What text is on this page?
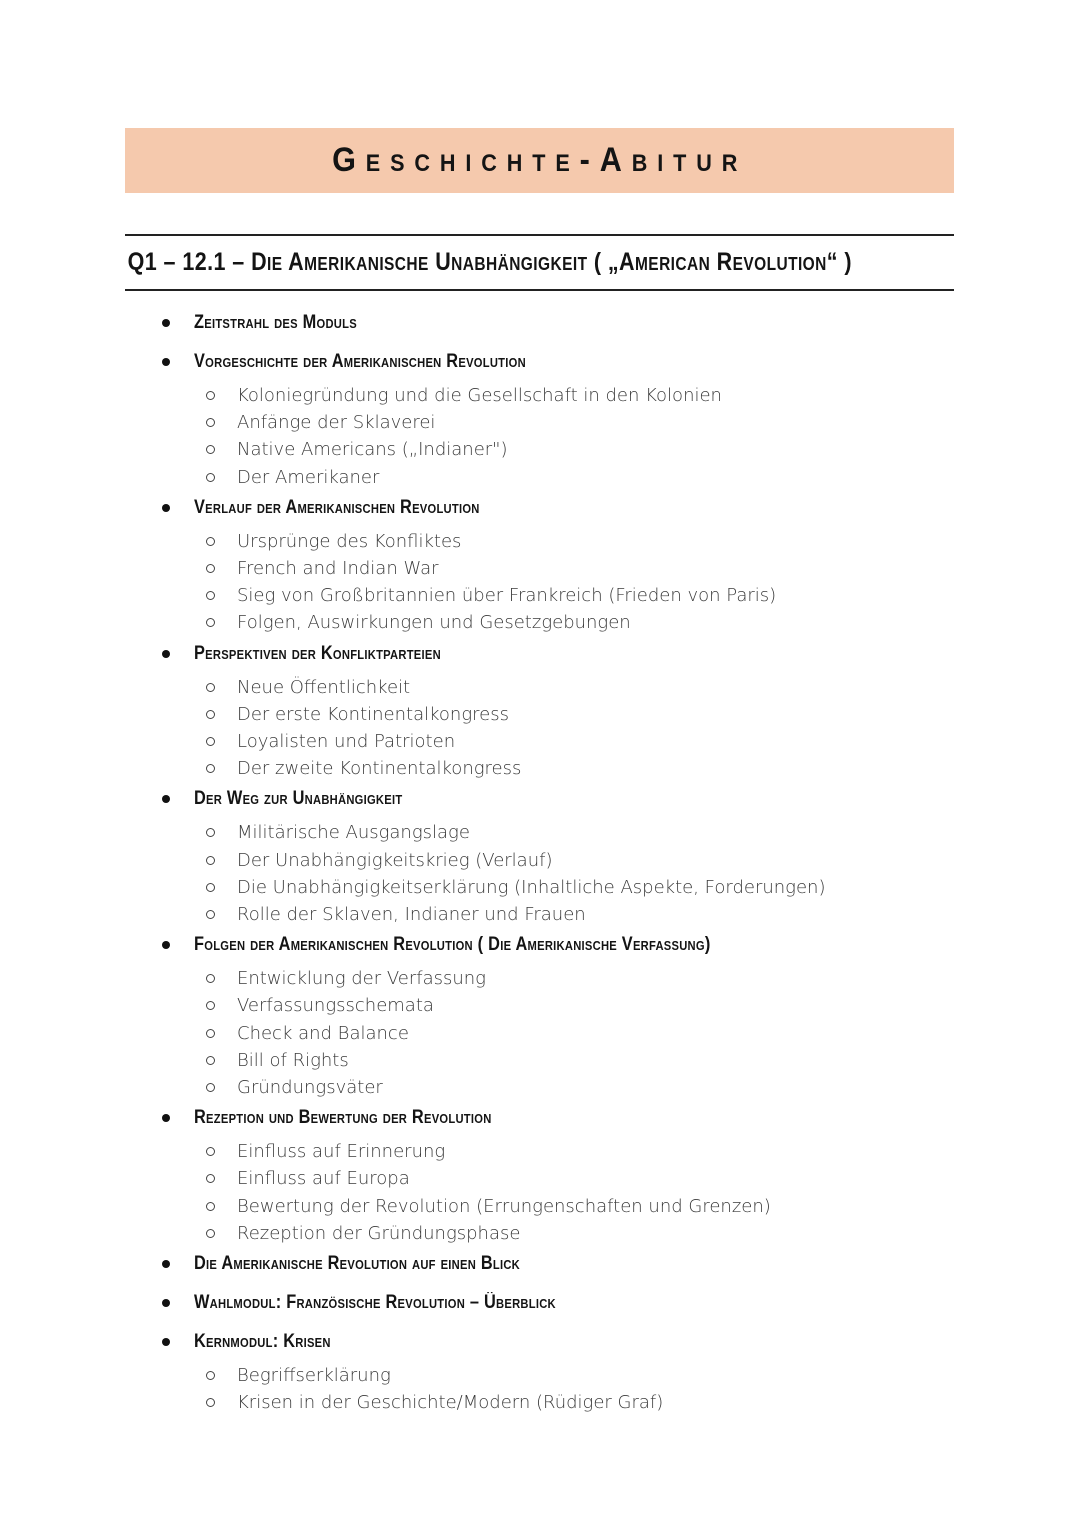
Geschichte-Abitur
Q1 – 12.1 – Die Amerikanische Unabhängigkeit ( „American Revolution“ )
Zeitstrahl des Moduls
Vorgeschichte der Amerikanischen Revolution
Koloniegründung und die Gesellschaft in den Kolonien
Anfänge der Sklaverei
Native Americans („Indianer")
Der Amerikaner
Verlauf der Amerikanischen Revolution
Ursprünge des Konfliktes
French and Indian War
Sieg von Großbritannien über Frankreich (Frieden von Paris)
Folgen, Auswirkungen und Gesetzgebungen
Perspektiven der Konfliktparteien
Neue Öffentlichkeit
Der erste Kontinentalkongress
Loyalisten und Patrioten
Der zweite Kontinentalkongress
Der Weg zur Unabhängigkeit
Militärische Ausgangslage
Der Unabhängigkeitskrieg (Verlauf)
Die Unabhängigkeitserklärung (Inhaltliche Aspekte, Forderungen)
Rolle der Sklaven, Indianer und Frauen
Folgen der Amerikanischen Revolution ( Die Amerikanische Verfassung)
Entwicklung der Verfassung
Verfassungsschemata
Check and Balance
Bill of Rights
Gründungsväter
Rezeption und Bewertung der Revolution
Einfluss auf Erinnerung
Einfluss auf Europa
Bewertung der Revolution (Errungenschaften und Grenzen)
Rezeption der Gründungsphase
Die Amerikanische Revolution auf einen Blick
Wahlmodul: Französische Revolution – Überblick
Kernmodul: Krisen
Begriffserklärung
Krisen in der Geschichte/Modern (Rüdiger Graf)
